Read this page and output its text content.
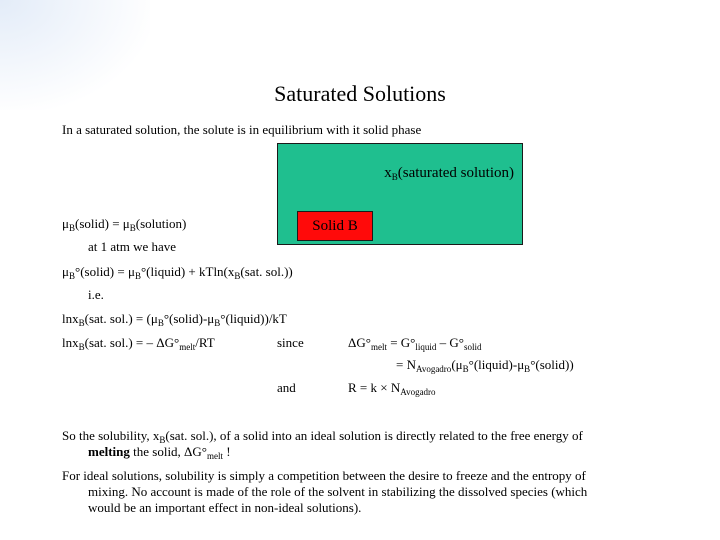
Saturated Solutions
In a saturated solution, the solute is in equilibrium with it solid phase
$x_B(saturated$ solution)
Solid B
$\mu_B(solid)$ = $\mu_B(solution)$
at 1 atm we have
$\mu_B^\circ(solid)$ = $\mu_B^\circ(liquid) + kTln(x_B(sat$. sol.))
i.e.
lnx$_B$(sat. $sol.) = (\mu_B^\circ(solid)-\mu_B^\circ(liquid))/kT$
lnx$_B$(sat. sol.) = – $\Delta G^\circ_{melt}/RT$	since	$\Delta G^\circ_{melt} = G^\circ_{liquid} - G^\circ_{solid}$
= $N_{Avogadro}(\mu_B^\circ(liquid)-\mu_B^\circ(solid))$
and	$R = k \times N_{Avogadro}$
So the solubility, $x_B(sat$. sol.), of a solid into an ideal solution is directly related to the free energy of
melting the solid, $\Delta G^\circ_{melt}$ !
For ideal solutions, solubility is simply a competition between the desire to freeze and the entropy of
mixing. No account is made of the role of the solvent in stabilizing the dissolved species (which
would be an important effect in non-ideal solutions).
